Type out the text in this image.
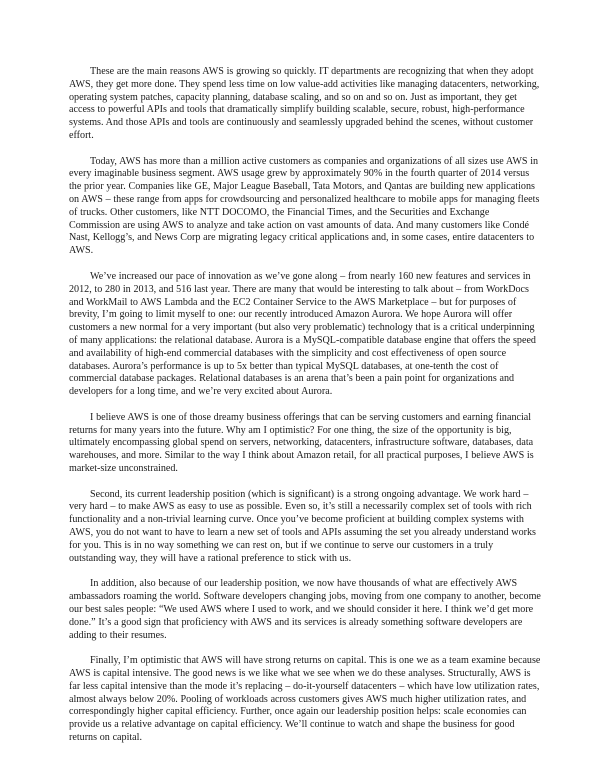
These are the main reasons AWS is growing so quickly. IT departments are recognizing that when they adopt AWS, they get more done. They spend less time on low value-add activities like managing datacenters, networking, operating system patches, capacity planning, database scaling, and so on and so on. Just as important, they get access to powerful APIs and tools that dramatically simplify building scalable, secure, robust, high-performance systems. And those APIs and tools are continuously and seamlessly upgraded behind the scenes, without customer effort.

Today, AWS has more than a million active customers as companies and organizations of all sizes use AWS in every imaginable business segment. AWS usage grew by approximately 90% in the fourth quarter of 2014 versus the prior year. Companies like GE, Major League Baseball, Tata Motors, and Qantas are building new applications on AWS – these range from apps for crowdsourcing and personalized healthcare to mobile apps for managing fleets of trucks. Other customers, like NTT DOCOMO, the Financial Times, and the Securities and Exchange Commission are using AWS to analyze and take action on vast amounts of data. And many customers like Condé Nast, Kellogg’s, and News Corp are migrating legacy critical applications and, in some cases, entire datacenters to AWS.

We’ve increased our pace of innovation as we’ve gone along – from nearly 160 new features and services in 2012, to 280 in 2013, and 516 last year. There are many that would be interesting to talk about – from WorkDocs and WorkMail to AWS Lambda and the EC2 Container Service to the AWS Marketplace – but for purposes of brevity, I’m going to limit myself to one: our recently introduced Amazon Aurora. We hope Aurora will offer customers a new normal for a very important (but also very problematic) technology that is a critical underpinning of many applications: the relational database. Aurora is a MySQL-compatible database engine that offers the speed and availability of high-end commercial databases with the simplicity and cost effectiveness of open source databases. Aurora’s performance is up to 5x better than typical MySQL databases, at one-tenth the cost of commercial database packages. Relational databases is an arena that’s been a pain point for organizations and developers for a long time, and we’re very excited about Aurora.

I believe AWS is one of those dreamy business offerings that can be serving customers and earning financial returns for many years into the future. Why am I optimistic? For one thing, the size of the opportunity is big, ultimately encompassing global spend on servers, networking, datacenters, infrastructure software, databases, data warehouses, and more. Similar to the way I think about Amazon retail, for all practical purposes, I believe AWS is market-size unconstrained.

Second, its current leadership position (which is significant) is a strong ongoing advantage. We work hard – very hard – to make AWS as easy to use as possible. Even so, it’s still a necessarily complex set of tools with rich functionality and a non-trivial learning curve. Once you’ve become proficient at building complex systems with AWS, you do not want to have to learn a new set of tools and APIs assuming the set you already understand works for you. This is in no way something we can rest on, but if we continue to serve our customers in a truly outstanding way, they will have a rational preference to stick with us.

In addition, also because of our leadership position, we now have thousands of what are effectively AWS ambassadors roaming the world. Software developers changing jobs, moving from one company to another, become our best sales people: “We used AWS where I used to work, and we should consider it here. I think we’d get more done.” It’s a good sign that proficiency with AWS and its services is already something software developers are adding to their resumes.

Finally, I’m optimistic that AWS will have strong returns on capital. This is one we as a team examine because AWS is capital intensive. The good news is we like what we see when we do these analyses. Structurally, AWS is far less capital intensive than the mode it’s replacing – do-it-yourself datacenters – which have low utilization rates, almost always below 20%. Pooling of workloads across customers gives AWS much higher utilization rates, and correspondingly higher capital efficiency. Further, once again our leadership position helps: scale economies can provide us a relative advantage on capital efficiency. We’ll continue to watch and shape the business for good returns on capital.
